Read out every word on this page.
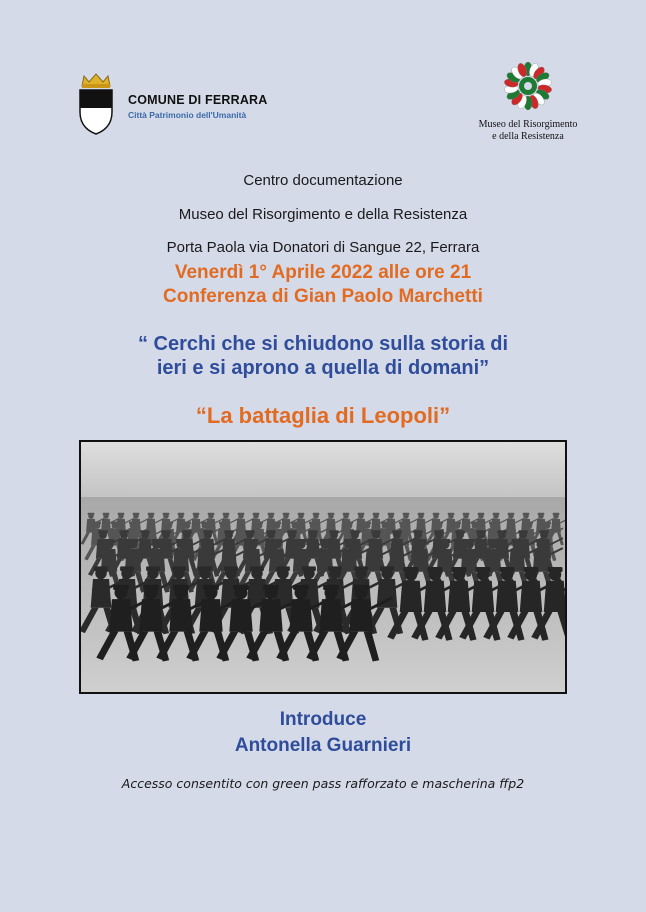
COMUNE DI FERRARA
Città Patrimonio dell'Umanità
Museo del Risorgimento
e della Resistenza
Centro documentazione
Museo del Risorgimento e della Resistenza
Porta Paola via Donatori di Sangue 22, Ferrara
Venerdì 1° Aprile 2022 alle ore 21
Conferenza di Gian Paolo Marchetti
“ Cerchi che si chiudono sulla storia di
ieri e si aprono a quella di domani”
“La battaglia di Leopoli”
Introduce
Antonella Guarnieri
Accesso consentito con green pass rafforzato e mascherina ffp2
